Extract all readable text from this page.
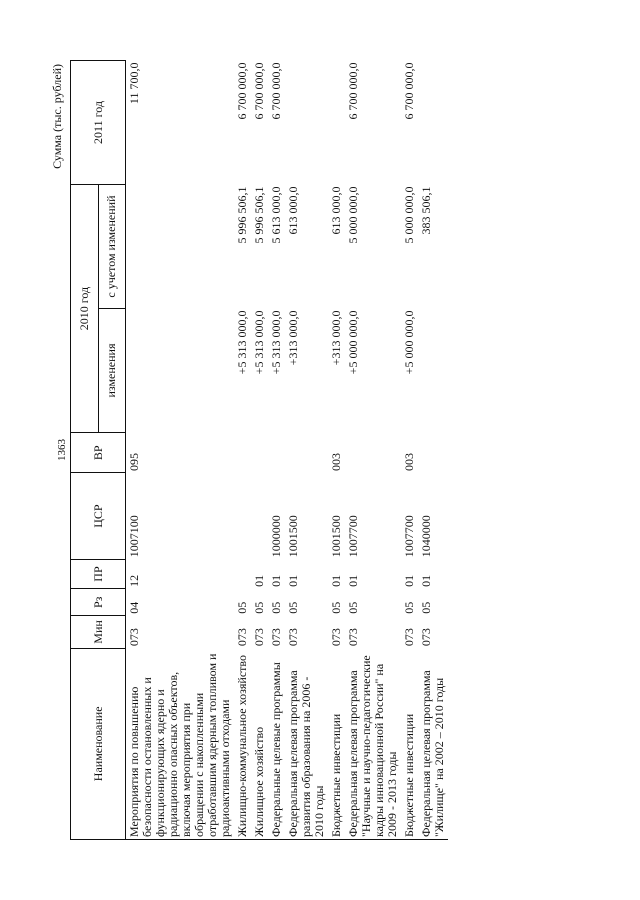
1363
Сумма (тыс. рублей)
Наименование	Мин	Рз	ПР	ЦСР	ВР	2010 год		2011 год
						изменения	с учетом изменений	
Мероприятия по повышению безопасности остановленных и функционирующих ядерно и радиационно опасных объектов, включая мероприятия при обращении с накопленными отработавшим ядерным топливом и радиоактивными отходами	073	04	12	1007100	095			11 700,0
Жилищно-коммунальное хозяйство	073	05				+5 313 000,0	5 996 506,1	6 700 000,0
Жилищное хозяйство	073	05	01			+5 313 000,0	5 996 506,1	6 700 000,0
Федеральные целевые программы	073	05	01	1000000		+5 313 000,0	5 613 000,0	6 700 000,0
Федеральная целевая программа развития образования на 2006 - 2010 годы	073	05	01	1001500		+313 000,0	613 000,0	
Бюджетные инвестиции	073	05	01	1001500	003	+313 000,0	613 000,0	
Федеральная целевая программа "Научные и научно-педагогические кадры инновационной России" на 2009 - 2013 годы	073	05	01	1007700		+5 000 000,0	5 000 000,0	6 700 000,0
Бюджетные инвестиции	073	05	01	1007700	003	+5 000 000,0	5 000 000,0	6 700 000,0
Федеральная целевая программа "Жилище" на 2002 – 2010 годы	073	05	01	1040000			383 506,1	
